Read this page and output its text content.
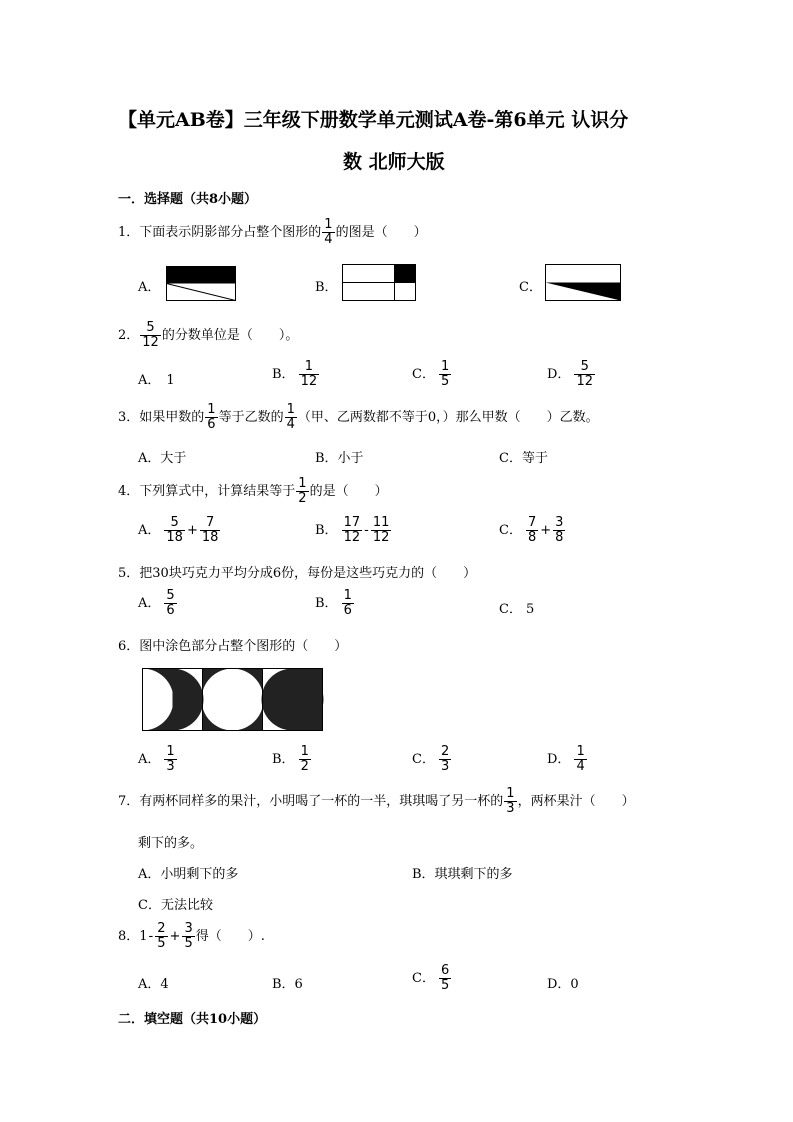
【单元AB卷】三年级下册数学单元测试A卷-第6单元 认识分
数 北师大版
一．选择题（共8小题）
1．下面表示阴影部分占整个图形的 $\frac{1}{4}$ 的图是（　　）
A．	B．	C．
2． $\frac{5}{12}$ 的分数单位是（　　）。
A． 1	B． $\frac{1}{12}$	C． $\frac{1}{5}$	D． $\frac{5}{12}$
3．如果甲数的 $\frac{1}{6}$ 等于乙数的 $\frac{1}{4}$ （甲、乙两数都不等于0，）那么甲数（　　）乙数。
A．大于	B．小于	C．等于
4．下列算式中，计算结果等于 $\frac{1}{2}$ 的是（　　）
A． $\frac{5}{18} + \frac{7}{18}$	B． $\frac{17}{12} - \frac{11}{12}$	C． $\frac{7}{8} + \frac{3}{8}$
5．把30块巧克力平均分成6份，每份是这些巧克力的（　　）
A． $\frac{5}{6}$	B． $\frac{1}{6}$	C． 5
6．图中涂色部分占整个图形的（　　）
A． $\frac{1}{3}$	B． $\frac{1}{2}$	C． $\frac{2}{3}$	D． $\frac{1}{4}$
7．有两杯同样多的果汁，小明喝了一杯的一半，琪琪喝了另一杯的 $\frac{1}{3}$ ，两杯果汁（　　）
剩下的多。
A．小明剩下的多	B．琪琪剩下的多
C．无法比较
8．$1- \frac{2}{5} + \frac{3}{5}$ 得（　　）.
A．4	B．6	C． $\frac{6}{5}$	D．0
二．填空题（共10小题）
